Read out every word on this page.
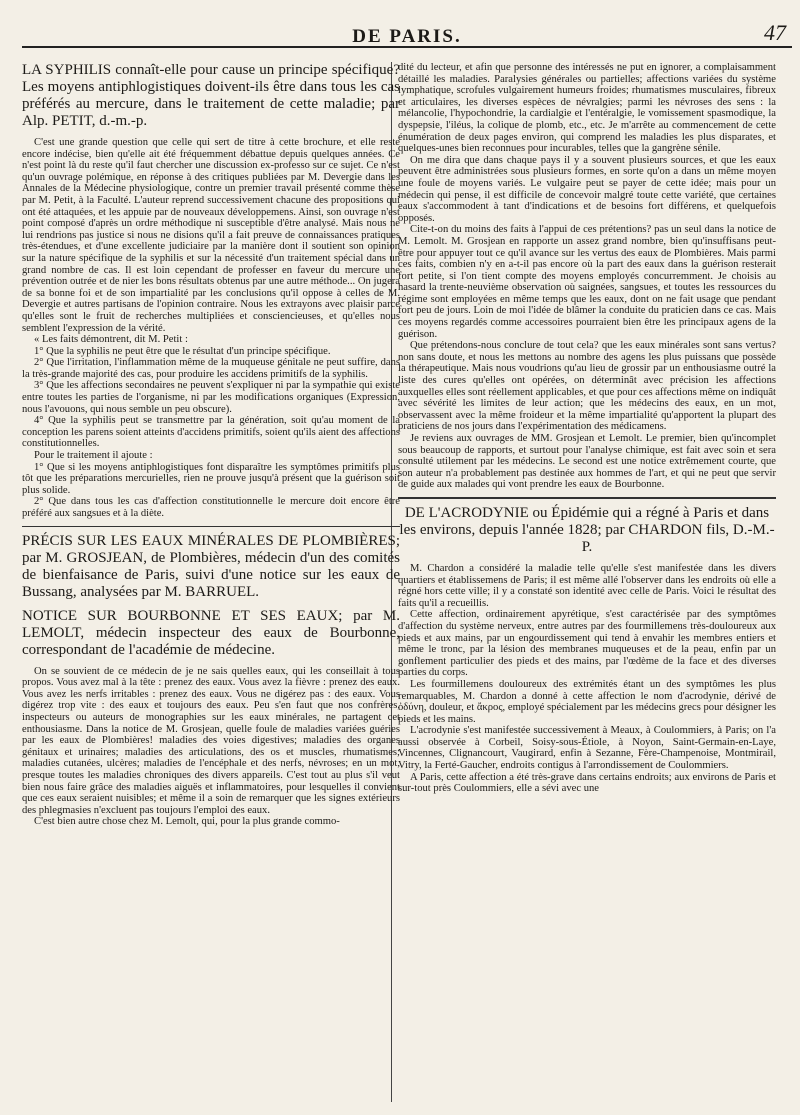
DE PARIS.	47

LA SYPHILIS connaît-elle pour cause un principe spécifique? Les moyens antiphlogistiques doivent-ils être dans tous les cas préférés au mercure, dans le traitement de cette maladie; par Alp. PETIT, d.-m.-p.

C'est une grande question que celle qui sert de titre à cette brochure, et elle reste encore indécise, bien qu'elle ait été fréquemment débattue depuis quelques années. Ce n'est point là du reste qu'il faut chercher une discussion ex-professo sur ce sujet. Ce n'est qu'un ouvrage polémique, en réponse à des critiques publiées par M. Devergie dans les Annales de la Médecine physiologique, contre un premier travail présenté comme thèse par M. Petit, à la Faculté. L'auteur reprend successivement chacune des propositions qui ont été attaquées, et les appuie par de nouveaux développemens. Ainsi, son ouvrage n'est point composé d'après un ordre méthodique ni susceptible d'être analysé. Mais nous ne lui rendrions pas justice si nous ne disions qu'il a fait preuve de connaissances pratiques très-étendues, et d'une excellente judiciaire par la manière dont il soutient son opinion sur la nature spécifique de la syphilis et sur la nécessité d'un traitement spécial dans un grand nombre de cas. Il est loin cependant de professer en faveur du mercure une prévention outrée et de nier les bons résultats obtenus par une autre méthode... On jugera de sa bonne foi et de son impartialité par les conclusions qu'il oppose à celles de M. Devergie et autres partisans de l'opinion contraire. Nous les extrayons avec plaisir parce qu'elles sont le fruit de recherches multipliées et consciencieuses, et qu'elles nous semblent l'expression de la vérité.

« Les faits démontrent, dit M. Petit :

1° Que la syphilis ne peut être que le résultat d'un principe spécifique.

2° Que l'irritation, l'inflammation même de la muqueuse génitale ne peut suffire, dans la très-grande majorité des cas, pour produire les accidens primitifs de la syphilis.

3° Que les affections secondaires ne peuvent s'expliquer ni par la sympathie qui existe entre toutes les parties de l'organisme, ni par les modifications organiques (Expression, nous l'avouons, qui nous semble un peu obscure).

4° Que la syphilis peut se transmettre par la génération, soit qu'au moment de la conception les parens soient atteints d'accidens primitifs, soient qu'ils aient des affections constitutionnelles.

Pour le traitement il ajoute :

1° Que si les moyens antiphlogistiques font disparaître les symptômes primitifs plus tôt que les préparations mercurielles, rien ne prouve jusqu'à présent que la guérison soit plus solide.

2° Que dans tous les cas d'affection constitutionnelle le mercure doit encore être préféré aux sangsues et à la diète.

PRÉCIS SUR LES EAUX MINÉRALES DE PLOMBIÈRES; par M. GROSJEAN, de Plombières, médecin d'un des comités de bienfaisance de Paris, suivi d'une notice sur les eaux de Bussang, analysées par M. BARRUEL.

NOTICE SUR BOURBONNE ET SES EAUX; par M. LEMOLT, médecin inspecteur des eaux de Bourbonne, correspondant de l'académie de médecine.

On se souvient de ce médecin de je ne sais quelles eaux, qui les conseillait à tous propos. Vous avez mal à la tête : prenez des eaux. Vous avez la fièvre : prenez des eaux. Vous avez les nerfs irritables : prenez des eaux. Vous ne digérez pas : des eaux. Vous digérez trop vite : des eaux et toujours des eaux. Peu s'en faut que nos confrères, inspecteurs ou auteurs de monographies sur les eaux minérales, ne partagent cet enthousiasme. Dans la notice de M. Grosjean, quelle foule de maladies variées guéries par les eaux de Plombières! maladies des voies digestives; maladies des organes génitaux et urinaires; maladies des articulations, des os et muscles, rhumatismes; maladies cutanées, ulcères; maladies de l'encéphale et des nerfs, névroses; en un mot, presque toutes les maladies chroniques des divers appareils. C'est tout au plus s'il veut bien nous faire grâce des maladies aiguës et inflammatoires, pour lesquelles il convient que ces eaux seraient nuisibles; et même il a soin de remarquer que les signes extérieurs des phlegmasies n'excluent pas toujours l'emploi des eaux.

C'est bien autre chose chez M. Lemolt, qui, pour la plus grande commo-

dité du lecteur, et afin que personne des intéressés ne put en ignorer, a complaisamment détaillé les maladies. Paralysies générales ou partielles; affections variées du système lymphatique, scrofules vulgairement humeurs froides; rhumatismes musculaires, fibreux et articulaires, les diverses espèces de névralgies; parmi les névroses des sens : la mélancolie, l'hypochondrie, la cardialgie et l'entéralgie, le vomissement spasmodique, la dyspepsie, l'iléus, la colique de plomb, etc., etc. Je m'arrête au commencement de cette énumération de deux pages environ, qui comprend les maladies les plus disparates, et quelques-unes bien reconnues pour incurables, telles que la gangrène sénile.

On me dira que dans chaque pays il y a souvent plusieurs sources, et que les eaux peuvent être administrées sous plusieurs formes, en sorte qu'on a dans un même moyen une foule de moyens variés. Le vulgaire peut se payer de cette idée; mais pour un médecin qui pense, il est difficile de concevoir malgré toute cette variété, que certaines eaux s'accommodent à tant d'indications et de besoins fort différens, et quelquefois opposés.

Cite-t-on du moins des faits à l'appui de ces prétentions? pas un seul dans la notice de M. Lemolt. M. Grosjean en rapporte un assez grand nombre, bien qu'insuffisans peut-être pour appuyer tout ce qu'il avance sur les vertus des eaux de Plombières. Mais parmi ces faits, combien n'y en a-t-il pas encore où la part des eaux dans la guérison resterait fort petite, si l'on tient compte des moyens employés concurremment. Je choisis au hasard la trente-neuvième observation où saignées, sangsues, et toutes les ressources du régime sont employées en même temps que les eaux, dont on ne fait usage que pendant fort peu de jours. Loin de moi l'idée de blâmer la conduite du praticien dans ce cas. Mais ces moyens regardés comme accessoires pourraient bien être les principaux agens de la guérison.

Que prétendons-nous conclure de tout cela? que les eaux minérales sont sans vertus? non sans doute, et nous les mettons au nombre des agens les plus puissans que possède la thérapeutique. Mais nous voudrions qu'au lieu de grossir par un enthousiasme outré la liste des cures qu'elles ont opérées, on déterminât avec précision les affections auxquelles elles sont réellement applicables, et que pour ces affections même on indiquât avec sévérité les limites de leur action; que les médecins des eaux, en un mot, observassent avec la même froideur et la même impartialité qu'apportent la plupart des praticiens de nos jours dans l'expérimentation des médicamens.

Je reviens aux ouvrages de MM. Grosjean et Lemolt. Le premier, bien qu'incomplet sous beaucoup de rapports, et surtout pour l'analyse chimique, est fait avec soin et sera consulté utilement par les médecins. Le second est une notice extrêmement courte, que son auteur n'a probablement pas destinée aux hommes de l'art, et qui ne peut que servir de guide aux malades qui vont prendre les eaux de Bourbonne.

DE L'ACRODYNIE ou Épidémie qui a régné à Paris et dans les environs, depuis l'année 1828; par CHARDON fils, D.-M.-P.

M. Chardon a considéré la maladie telle qu'elle s'est manifestée dans les divers quartiers et établissemens de Paris; il est même allé l'observer dans les endroits où elle a régné hors cette ville; il y a constaté son identité avec celle de Paris. Voici le résultat des faits qu'il a recueillis.

Cette affection, ordinairement apyrétique, s'est caractérisée par des symptômes d'affection du système nerveux, entre autres par des fourmillemens très-douloureux aux pieds et aux mains, par un engourdissement qui tend à envahir les membres entiers et même le tronc, par la lésion des membranes muqueuses et de la peau, enfin par un gonflement particulier des pieds et des mains, par l'œdème de la face et des diverses parties du corps.

Les fourmillemens douloureux des extrémités étant un des symptômes les plus remarquables, M. Chardon a donné à cette affection le nom d'acrodynie, dérivé de ὀδύνη, douleur, et ἄκρος, employé spécialement par les médecins grecs pour désigner les pieds et les mains.

L'acrodynie s'est manifestée successivement à Meaux, à Coulommiers, à Paris; on l'a aussi observée à Corbeil, Soisy-sous-Étiole, à Noyon, Saint-Germain-en-Laye, Vincennes, Clignancourt, Vaugirard, enfin à Sezanne, Fère-Champenoise, Montmirail, Vitry, la Ferté-Gaucher, endroits contigus à l'arrondissement de Coulommiers.

A Paris, cette affection a été très-grave dans certains endroits; aux environs de Paris et sur-tout près Coulommiers, elle a sévi avec une
